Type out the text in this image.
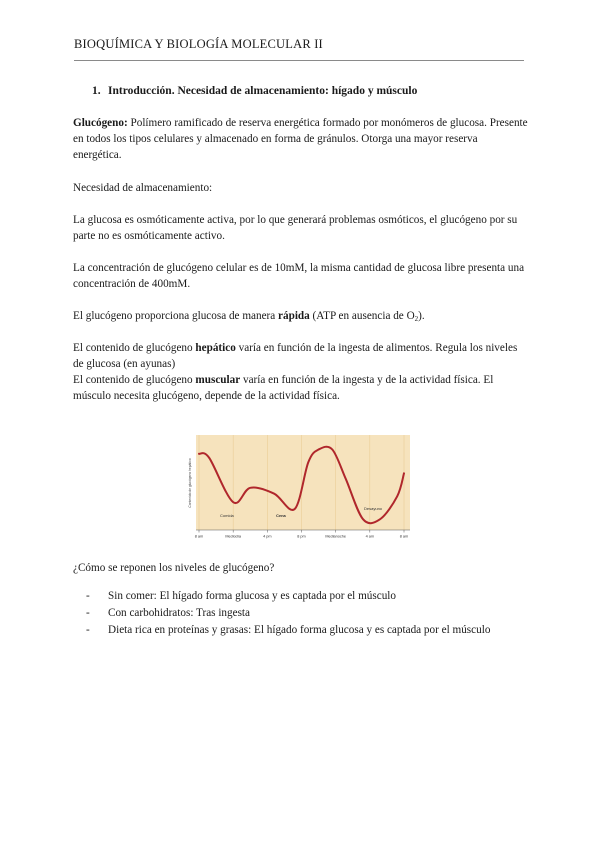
BIOQUÍMICA Y BIOLOGÍA MOLECULAR II
1. Introducción. Necesidad de almacenamiento: hígado y músculo

Glucógeno: Polímero ramificado de reserva energética formado por monómeros de glucosa. Presente en todos los tipos celulares y almacenado en forma de gránulos. Otorga una mayor reserva energética.

Necesidad de almacenamiento:

La glucosa es osmóticamente activa, por lo que generará problemas osmóticos, el glucógeno por su parte no es osmóticamente activo.

La concentración de glucógeno celular es de 10mM, la misma cantidad de glucosa libre presenta una concentración de 400mM.

El glucógeno proporciona glucosa de manera rápida (ATP en ausencia de $O_2$).

El contenido de glucógeno hepático varía en función de la ingesta de alimentos. Regula los niveles de glucosa (en ayunas)

El contenido de glucógeno muscular varía en función de la ingesta y de la actividad física. El músculo necesita glucógeno, depende de la actividad física.

Contenido de glucógeno hepático
Comida	Cena
Desayuno
8 am	Mediodía	4 pm	8 pm	Medianoche	4 am	8 am

¿Cómo se reponen los niveles de glucógeno?

- Sin comer: El hígado forma glucosa y es captada por el músculo
- Con carbohidratos: Tras ingesta
- Dieta rica en proteínas y grasas: El hígado forma glucosa y es captada por el músculo
